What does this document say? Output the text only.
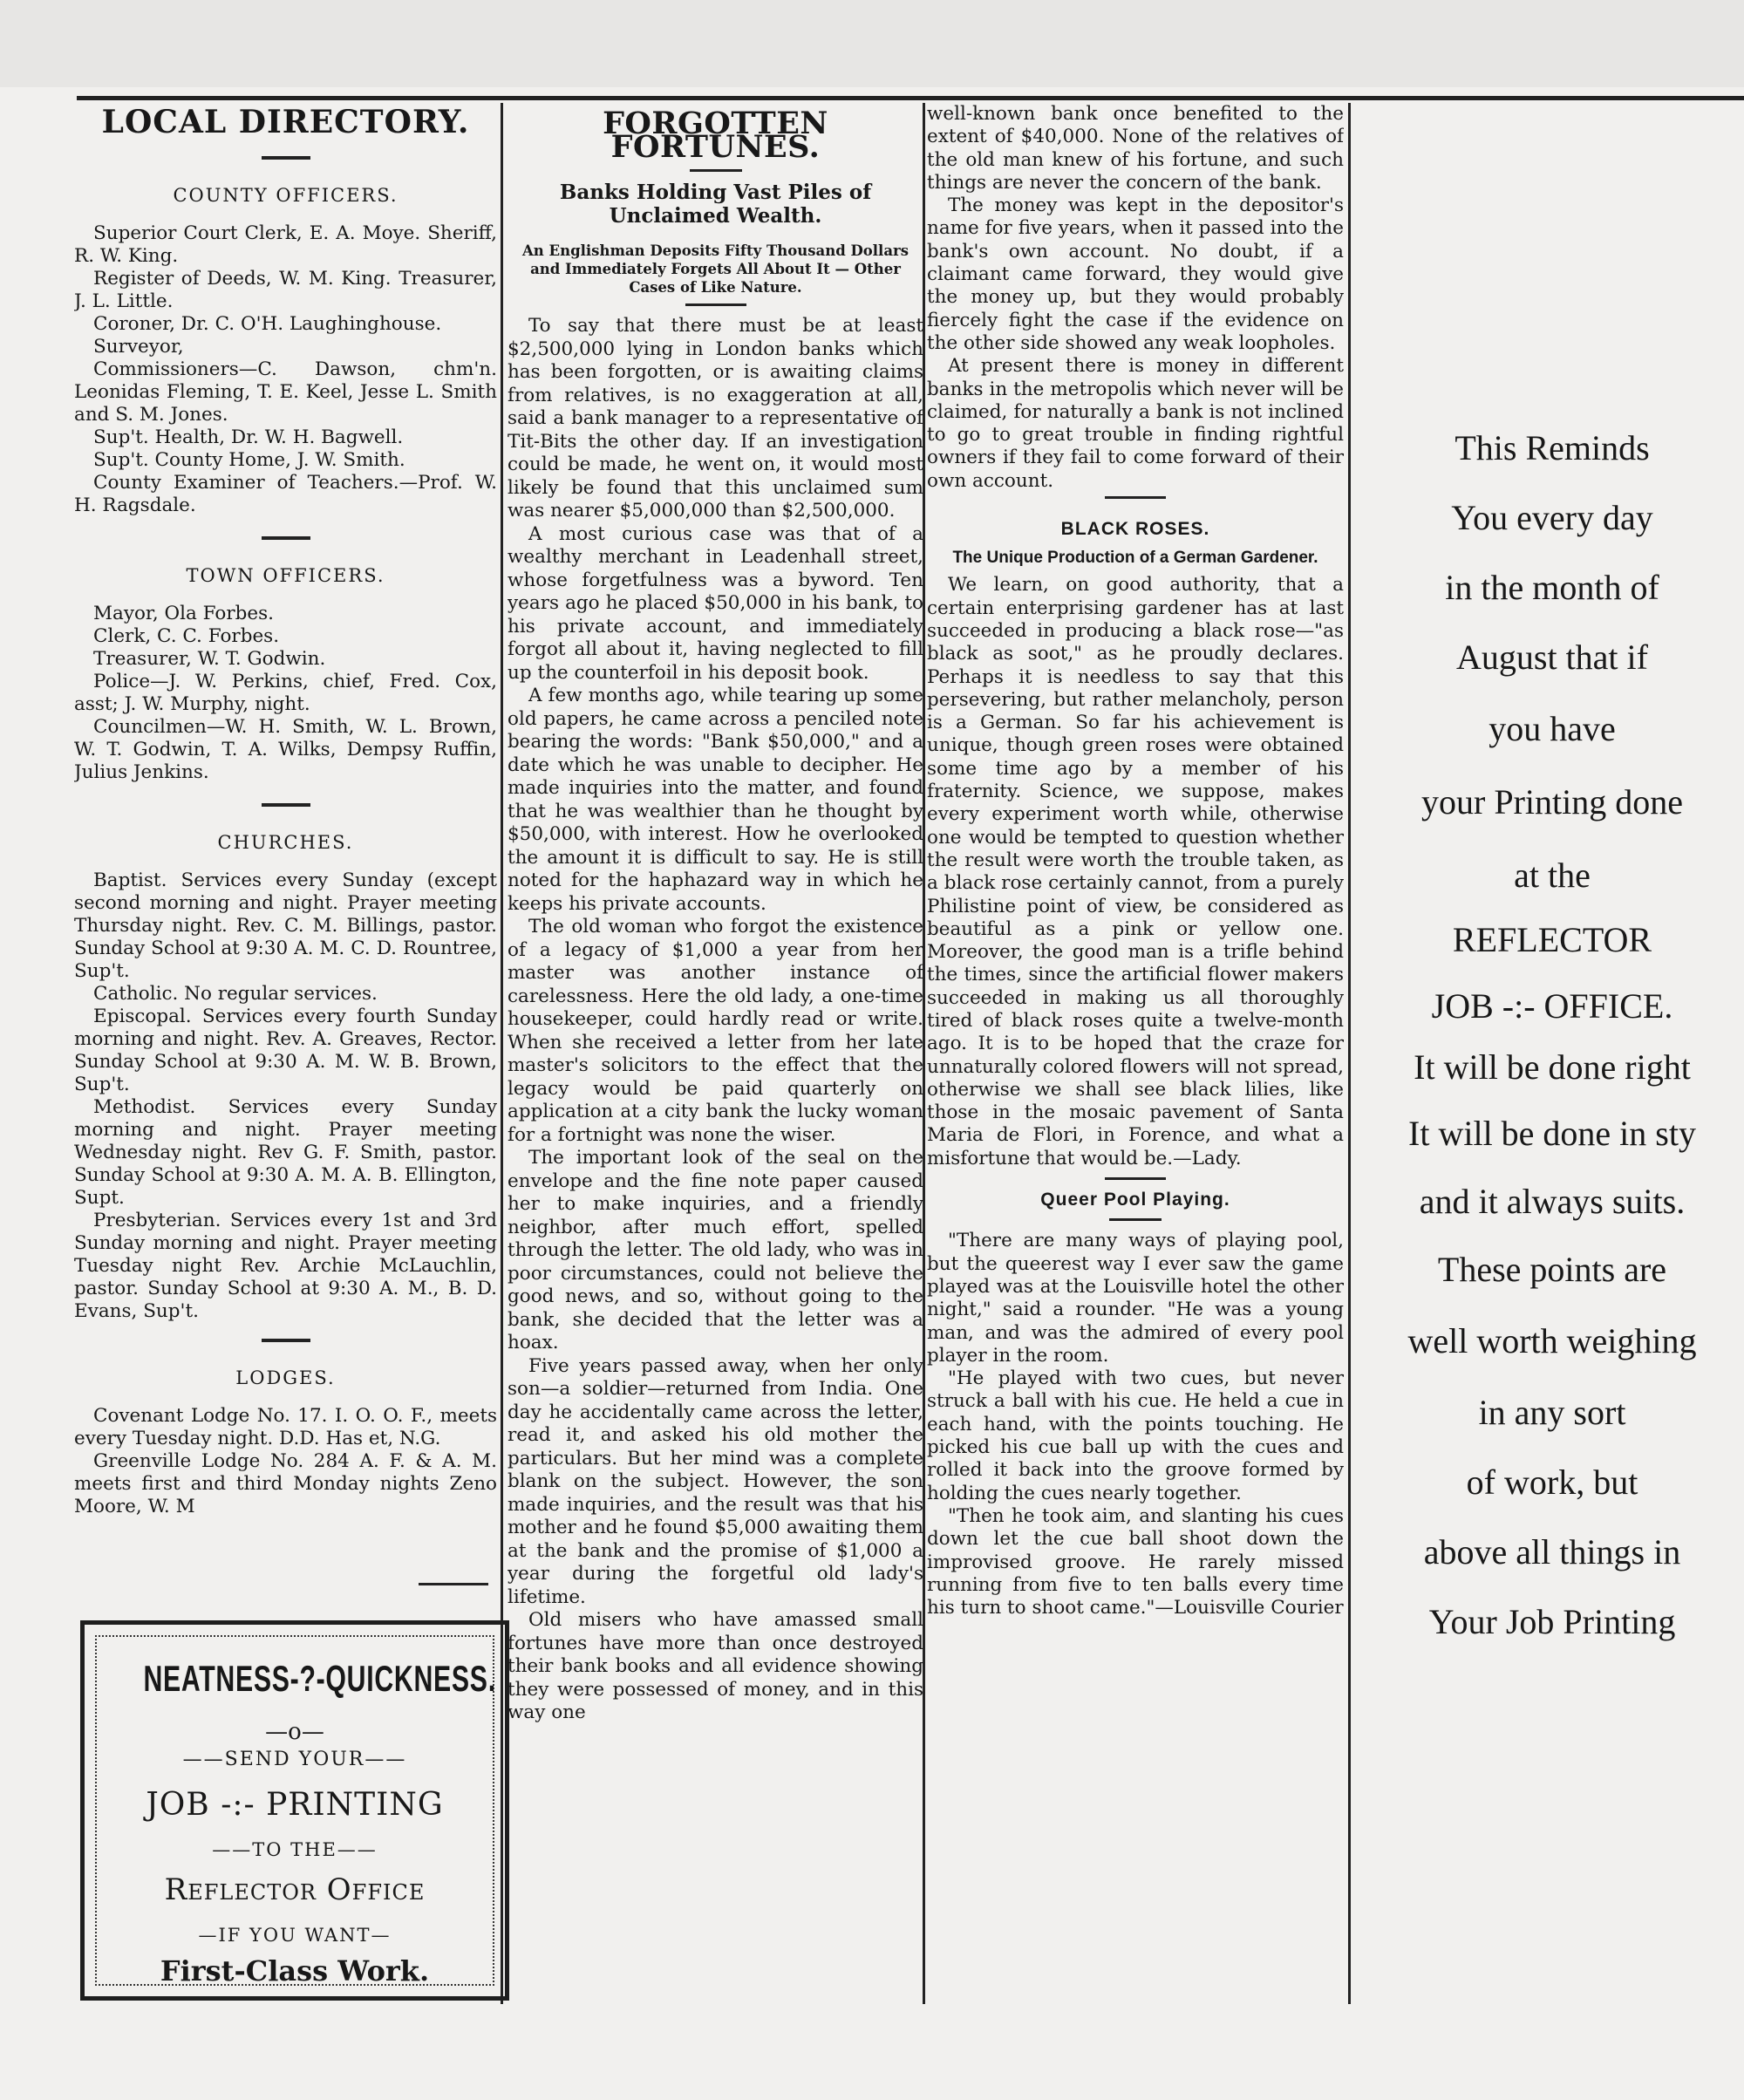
LOCAL DIRECTORY.
COUNTY OFFICERS.

Superior Court Clerk, E. A. Moye. Sheriff, R. W. King.

Register of Deeds, W. M. King. Treasurer, J. L. Little.

Coroner, Dr. C. O'H. Laughinghouse.

Surveyor,

Commissioners—C. Dawson, chm'n. Leonidas Fleming, T. E. Keel, Jesse L. Smith and S. M. Jones.

Sup't. Health, Dr. W. H. Bagwell.

Sup't. County Home, J. W. Smith.

County Examiner of Teachers.—Prof. W. H. Ragsdale.

TOWN OFFICERS.

Mayor, Ola Forbes.

Clerk, C. C. Forbes.

Treasurer, W. T. Godwin.

Police—J. W. Perkins, chief, Fred. Cox, asst; J. W. Murphy, night.

Councilmen—W. H. Smith, W. L. Brown, W. T. Godwin, T. A. Wilks, Dempsy Ruffin, Julius Jenkins.

CHURCHES.

Baptist. Services every Sunday (except second morning and night. Prayer meeting Thursday night. Rev. C. M. Billings, pastor. Sunday School at 9:30 A. M. C. D. Rountree, Sup't.

Catholic. No regular services.

Episcopal. Services every fourth Sunday morning and night. Rev. A. Greaves, Rector. Sunday School at 9:30 A. M. W. B. Brown, Sup't.

Methodist. Services every Sunday morning and night. Prayer meeting Wednesday night. Rev G. F. Smith, pastor. Sunday School at 9:30 A. M. A. B. Ellington, Supt.

Presbyterian. Services every 1st and 3rd Sunday morning and night. Prayer meeting Tuesday night Rev. Archie McLauchlin, pastor. Sunday School at 9:30 A. M., B. D. Evans, Sup't.

LODGES.

Covenant Lodge No. 17. I. O. O. F., meets every Tuesday night. D.D. Has et, N.G.

Greenville Lodge No. 284 A. F. & A. M. meets first and third Monday nights Zeno Moore, W. M

NEATNESS-?-QUICKNESS.
—o—
——SEND YOUR——
JOB -:- PRINTING
——TO THE——
Reflector Office
—IF YOU WANT—
First-Class Work.
FORGOTTEN FORTUNES.
Banks Holding Vast Piles of Unclaimed Wealth.
An Englishman Deposits Fifty Thousand Dollars and Immediately Forgets All About It — Other Cases of Like Nature.

To say that there must be at least $2,500,000 lying in London banks which has been forgotten, or is awaiting claims from relatives, is no exaggeration at all, said a bank manager to a representative of Tit-Bits the other day. If an investigation could be made, he went on, it would most likely be found that this unclaimed sum was nearer $5,000,000 than $2,500,000.

A most curious case was that of a wealthy merchant in Leadenhall street, whose forgetfulness was a byword. Ten years ago he placed $50,000 in his bank, to his private account, and immediately forgot all about it, having neglected to fill up the counterfoil in his deposit book.

A few months ago, while tearing up some old papers, he came across a penciled note bearing the words: "Bank $50,000," and a date which he was unable to decipher. He made inquiries into the matter, and found that he was wealthier than he thought by $50,000, with interest. How he overlooked the amount it is difficult to say. He is still noted for the haphazard way in which he keeps his private accounts.

The old woman who forgot the existence of a legacy of $1,000 a year from her master was another instance of carelessness. Here the old lady, a one-time housekeeper, could hardly read or write. When she received a letter from her late master's solicitors to the effect that the legacy would be paid quarterly on application at a city bank the lucky woman for a fortnight was none the wiser.

The important look of the seal on the envelope and the fine note paper caused her to make inquiries, and a friendly neighbor, after much effort, spelled through the letter. The old lady, who was in poor circumstances, could not believe the good news, and so, without going to the bank, she decided that the letter was a hoax.

Five years passed away, when her only son—a soldier—returned from India. One day he accidentally came across the letter, read it, and asked his old mother the particulars. But her mind was a complete blank on the subject. However, the son made inquiries, and the result was that his mother and he found $5,000 awaiting them at the bank and the promise of $1,000 a year during the forgetful old lady's lifetime.

Old misers who have amassed small fortunes have more than once destroyed their bank books and all evidence showing they were possessed of money, and in this way one

well-known bank once benefited to the extent of $40,000. None of the relatives of the old man knew of his fortune, and such things are never the concern of the bank.

The money was kept in the depositor's name for five years, when it passed into the bank's own account. No doubt, if a claimant came forward, they would give the money up, but they would probably fiercely fight the case if the evidence on the other side showed any weak loopholes.

At present there is money in different banks in the metropolis which never will be claimed, for naturally a bank is not inclined to go to great trouble in finding rightful owners if they fail to come forward of their own account.

BLACK ROSES.
The Unique Production of a German Gardener.

We learn, on good authority, that a certain enterprising gardener has at last succeeded in producing a black rose—"as black as soot," as he proudly declares. Perhaps it is needless to say that this persevering, but rather melancholy, person is a German. So far his achievement is unique, though green roses were obtained some time ago by a member of his fraternity. Science, we suppose, makes every experiment worth while, otherwise one would be tempted to question whether the result were worth the trouble taken, as a black rose certainly cannot, from a purely Philistine point of view, be considered as beautiful as a pink or yellow one. Moreover, the good man is a trifle behind the times, since the artificial flower makers succeeded in making us all thoroughly tired of black roses quite a twelve-month ago. It is to be hoped that the craze for unnaturally colored flowers will not spread, otherwise we shall see black lilies, like those in the mosaic pavement of Santa Maria de Flori, in Forence, and what a misfortune that would be.—Lady.

Queer Pool Playing.

"There are many ways of playing pool, but the queerest way I ever saw the game played was at the Louisville hotel the other night," said a rounder. "He was a young man, and was the admired of every pool player in the room.

"He played with two cues, but never struck a ball with his cue. He held a cue in each hand, with the points touching. He picked his cue ball up with the cues and rolled it back into the groove formed by holding the cues nearly together.

"Then he took aim, and slanting his cues down let the cue ball shoot down the improvised groove. He rarely missed running from five to ten balls every time his turn to shoot came."—Louisville Courier

This Reminds
You every day
in the month of
August that if
you have
your Printing done
at the
REFLECTOR
JOB -:- OFFICE.
It will be done right
It will be done in sty
and it always suits.
These points are
well worth weighing
in any sort
of work, but
above all things in
Your Job Printing
